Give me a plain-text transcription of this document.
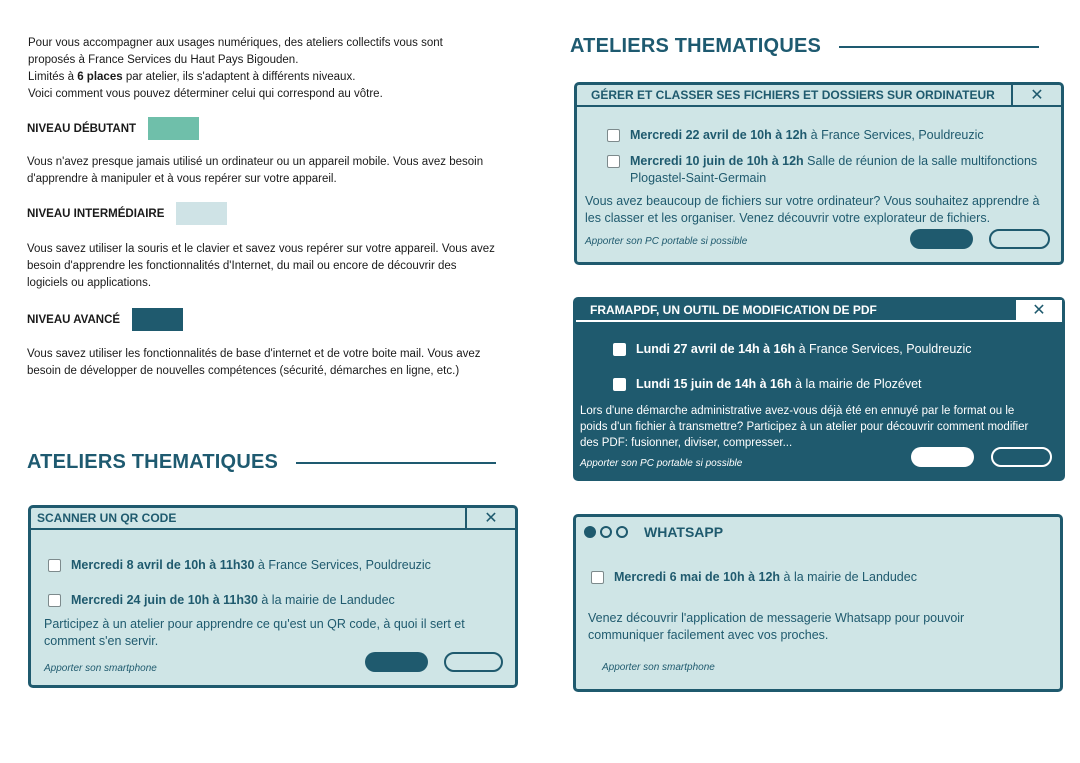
Pour vous accompagner aux usages numériques, des ateliers collectifs vous sont
proposés à France Services du Haut Pays Bigouden.
Limités à 6 places par atelier, ils s'adaptent à différents niveaux.
Voici comment vous pouvez déterminer celui qui correspond au vôtre.
NIVEAU DÉBUTANT
Vous n'avez presque jamais utilisé un ordinateur ou un appareil mobile. Vous avez besoin d'apprendre à manipuler et à vous repérer sur votre appareil.
NIVEAU INTERMÉDIAIRE
Vous savez utiliser la souris et le clavier et savez vous repérer sur votre appareil. Vous avez besoin d'apprendre les fonctionnalités d'Internet, du mail ou encore de découvrir des logiciels ou applications.
NIVEAU AVANCÉ
Vous savez utiliser les fonctionnalités de base d'internet et de votre boite mail. Vous avez besoin de développer de nouvelles compétences (sécurité, démarches en ligne, etc.)
ATELIERS THEMATIQUES
ATELIERS THEMATIQUES
SCANNER UN QR CODE	✕
Mercredi 8 avril de 10h à 11h30 à France Services, Pouldreuzic
Mercredi 24 juin de 10h à 11h30 à la mairie de Landudec
Participez à un atelier pour apprendre ce qu'est un QR code, à quoi il sert et comment s'en servir.
Apporter son smartphone
GÉRER ET CLASSER SES FICHIERS ET DOSSIERS SUR ORDINATEUR	✕
Mercredi 22 avril de 10h à 12h à France Services, Pouldreuzic
Mercredi 10 juin de 10h à 12h Salle de réunion de la salle multifonctions Plogastel-Saint-Germain
Vous avez beaucoup de fichiers sur votre ordinateur? Vous souhaitez apprendre à les classer et les organiser. Venez découvrir votre explorateur de fichiers.
Apporter son PC portable si possible
FRAMAPDF, UN OUTIL DE MODIFICATION DE PDF	✕
Lundi 27 avril de 14h à 16h à France Services, Pouldreuzic
Lundi 15 juin de 14h à 16h à la mairie de Plozévet
Lors d'une démarche administrative avez-vous déjà été en ennuyé par le format ou le poids d'un fichier à transmettre? Participez à un atelier pour découvrir comment modifier des PDF: fusionner, diviser, compresser...
Apporter son PC portable si possible
WHATSAPP
Mercredi 6 mai de 10h à 12h à la mairie de Landudec
Venez découvrir l'application de messagerie Whatsapp pour pouvoir communiquer facilement avec vos proches.
Apporter son smartphone
